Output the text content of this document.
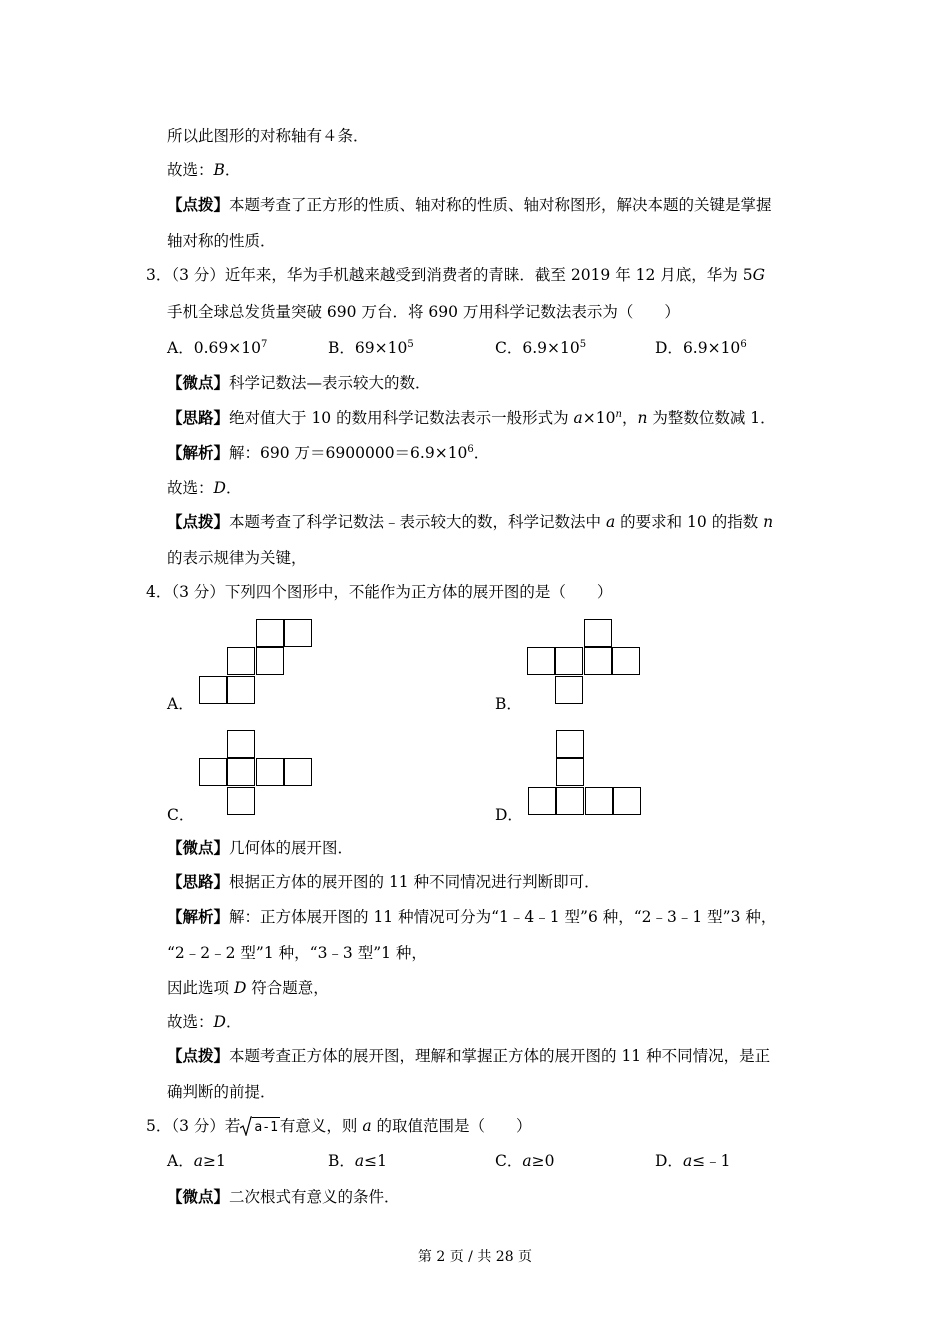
所以此图形的对称轴有４条．
故选：B．
【点拨】本题考查了正方形的性质、轴对称的性质、轴对称图形，解决本题的关键是掌握
轴对称的性质．
3．（3 分）近年来，华为手机越来越受到消费者的青睐．截至 2019 年 12 月底，华为 5G
手机全球总发货量突破 690 万台．将 690 万用科学记数法表示为（　　）
A．$0.69\times 10^7$	B．$69\times 10^5$	C．$6.9\times 10^5$	D．$6.9\times 10^6$
【微点】科学记数法—表示较大的数．
【思路】绝对值大于 10 的数用科学记数法表示一般形式为 $a\times 10^n$，n 为整数位数减 1．
【解析】解：690 万$=6900000=6.9\times 10^6$．
故选：D．
【点拨】本题考查了科学记数法﹣表示较大的数，科学记数法中 a 的要求和 10 的指数 n
的表示规律为关键，
4．（3 分）下列四个图形中，不能作为正方体的展开图的是（　　）
A．	B．
C．	D．
【微点】几何体的展开图．
【思路】根据正方体的展开图的 11 种不同情况进行判断即可．
【解析】解：正方体展开图的 11 种情况可分为“1﹣4﹣1 型”6 种，“2﹣3﹣1 型”3 种，
“2﹣2﹣2 型”1 种，“3﹣3 型”1 种，
因此选项 D 符合题意，
故选：D．
【点拨】本题考查正方体的展开图，理解和掌握正方体的展开图的 11 种不同情况，是正
确判断的前提．
5．（3 分）若 a-1 有意义，则 a 的取值范围是（　　）
A．a≥1	B．a≤1	C．a≥0	D．a≤﹣1
【微点】二次根式有意义的条件．
第 2 页 / 共 28 页
